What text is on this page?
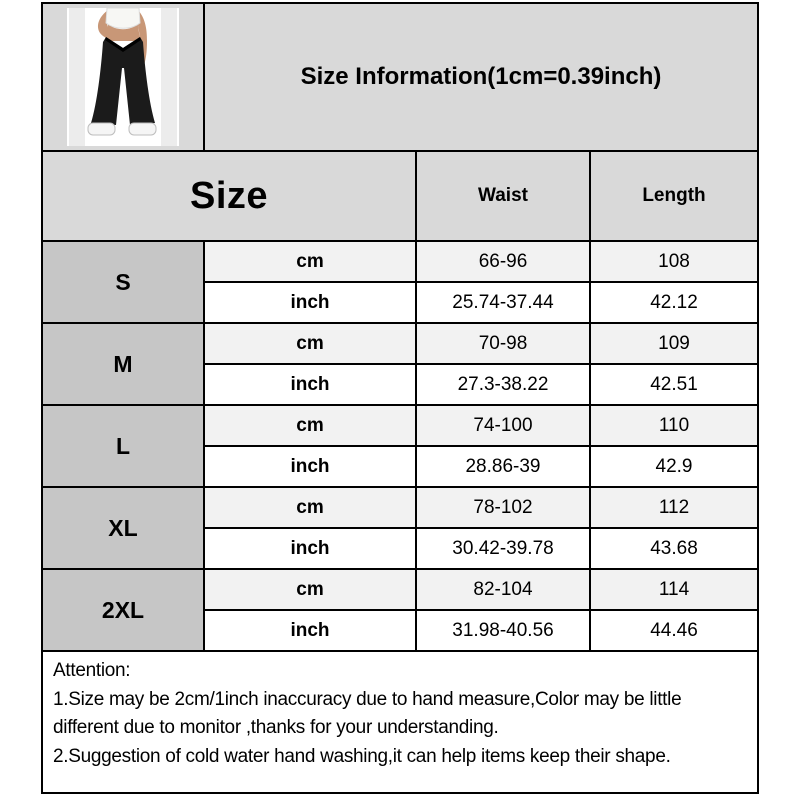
Size Information(1cm=0.39inch)
Size	Waist	Length
S
cm	66-96	108
inch	25.74-37.44	42.12
M
cm	70-98	109
inch	27.3-38.22	42.51
L
cm	74-100	110
inch	28.86-39	42.9
XL
cm	78-102	112
inch	30.42-39.78	43.68
2XL
cm	82-104	114
inch	31.98-40.56	44.46
Attention:
1.Size may be 2cm/1inch inaccuracy due to hand measure,Color may be little different due to monitor ,thanks for your understanding.
2.Suggestion of cold water hand washing,it can help items keep their shape.
